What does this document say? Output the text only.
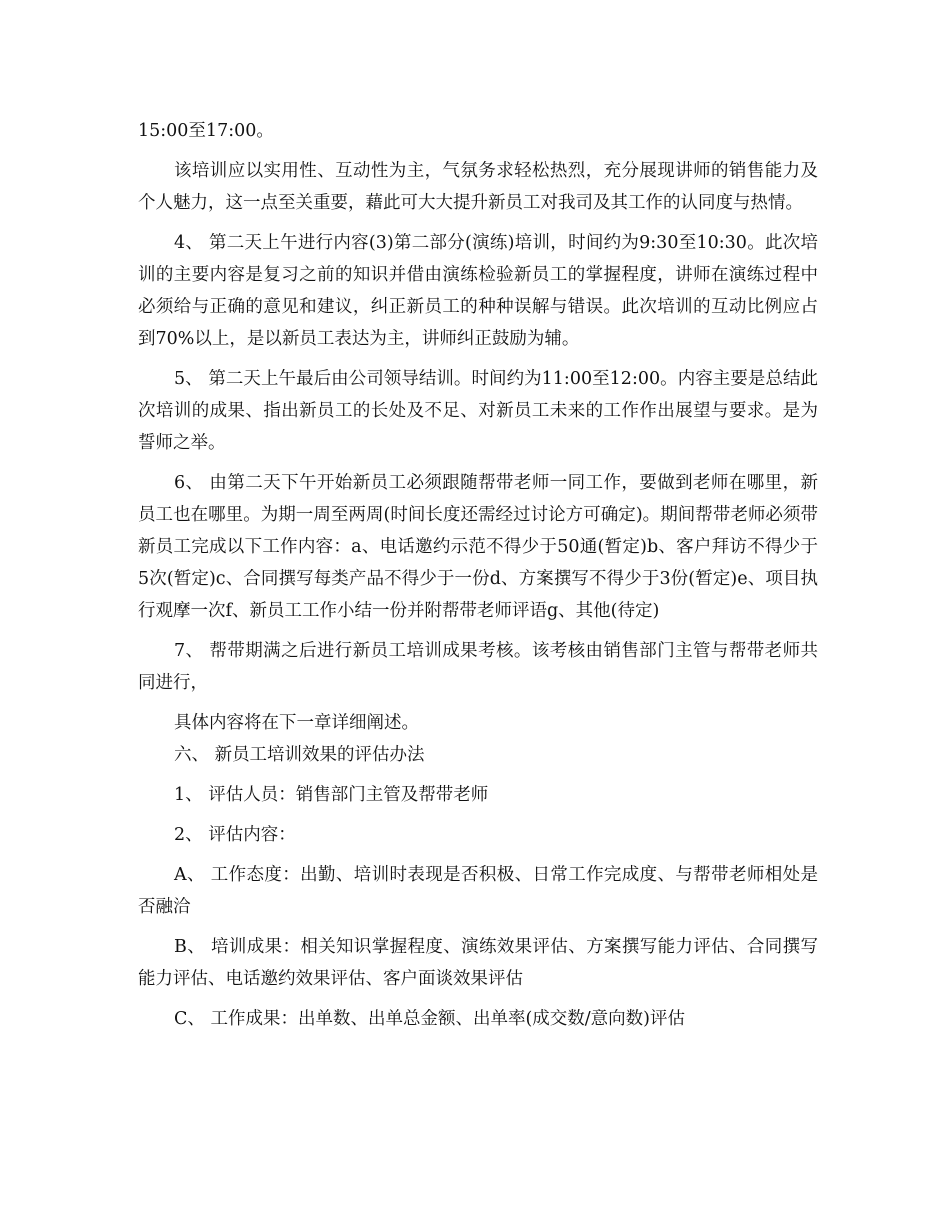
15:00至17:00。

该培训应以实用性、互动性为主，气氛务求轻松热烈，充分展现讲师的销售能力及个人魅力，这一点至关重要，藉此可大大提升新员工对我司及其工作的认同度与热情。

4、 第二天上午进行内容(3)第二部分(演练)培训，时间约为9:30至10:30。此次培训的主要内容是复习之前的知识并借由演练检验新员工的掌握程度，讲师在演练过程中必须给与正确的意见和建议，纠正新员工的种种误解与错误。此次培训的互动比例应占到70%以上，是以新员工表达为主，讲师纠正鼓励为辅。

5、 第二天上午最后由公司领导结训。时间约为11:00至12:00。内容主要是总结此次培训的成果、指出新员工的长处及不足、对新员工未来的工作作出展望与要求。是为誓师之举。

6、 由第二天下午开始新员工必须跟随帮带老师一同工作，要做到老师在哪里，新员工也在哪里。为期一周至两周(时间长度还需经过讨论方可确定)。期间帮带老师必须带新员工完成以下工作内容：a、电话邀约示范不得少于50通(暂定)b、客户拜访不得少于5次(暂定)c、合同撰写每类产品不得少于一份d、方案撰写不得少于3份(暂定)e、项目执行观摩一次f、新员工工作小结一份并附帮带老师评语g、其他(待定)

7、 帮带期满之后进行新员工培训成果考核。该考核由销售部门主管与帮带老师共同进行，

具体内容将在下一章详细阐述。

六、 新员工培训效果的评估办法

1、 评估人员：销售部门主管及帮带老师

2、 评估内容：

A、 工作态度：出勤、培训时表现是否积极、日常工作完成度、与帮带老师相处是否融洽

B、 培训成果：相关知识掌握程度、演练效果评估、方案撰写能力评估、合同撰写能力评估、电话邀约效果评估、客户面谈效果评估

C、 工作成果：出单数、出单总金额、出单率(成交数/意向数)评估
